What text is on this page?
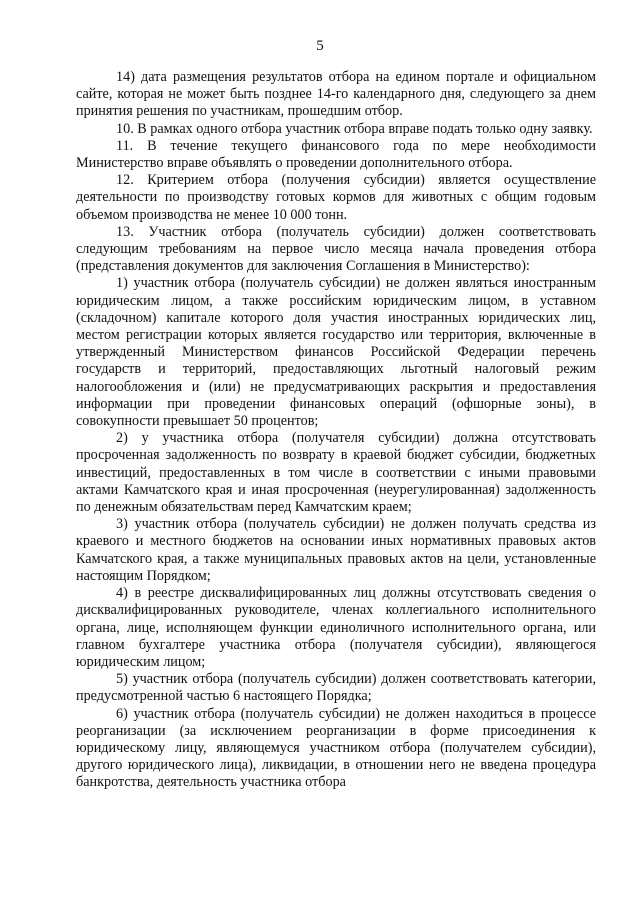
5

14) дата размещения результатов отбора на едином портале и официальном сайте, которая не может быть позднее 14-го календарного дня, следующего за днем принятия решения по участникам, прошедшим отбор.

10. В рамках одного отбора участник отбора вправе подать только одну заявку.

11. В течение текущего финансового года по мере необходимости Министерство вправе объявлять о проведении дополнительного отбора.

12. Критерием отбора (получения субсидии) является осуществление деятельности по производству готовых кормов для животных с общим годовым объемом производства не менее 10 000 тонн.

13. Участник отбора (получатель субсидии) должен соответствовать следующим требованиям на первое число месяца начала проведения отбора (представления документов для заключения Соглашения в Министерство):

1) участник отбора (получатель субсидии) не должен являться иностранным юридическим лицом, а также российским юридическим лицом, в уставном (складочном) капитале которого доля участия иностранных юридических лиц, местом регистрации которых является государство или территория, включенные в утвержденный Министерством финансов Российской Федерации перечень государств и территорий, предоставляющих льготный налоговый режим налогообложения и (или) не предусматривающих раскрытия и предоставления информации при проведении финансовых операций (офшорные зоны), в совокупности превышает 50 процентов;

2) у участника отбора (получателя субсидии) должна отсутствовать просроченная задолженность по возврату в краевой бюджет субсидии, бюджетных инвестиций, предоставленных в том числе в соответствии с иными правовыми актами Камчатского края и иная просроченная (неурегулированная) задолженность по денежным обязательствам перед Камчатским краем;

3) участник отбора (получатель субсидии) не должен получать средства из краевого и местного бюджетов на основании иных нормативных правовых актов Камчатского края, а также муниципальных правовых актов на цели, установленные настоящим Порядком;

4) в реестре дисквалифицированных лиц должны отсутствовать сведения о дисквалифицированных руководителе, членах коллегиального исполнительного органа, лице, исполняющем функции единоличного исполнительного органа, или главном бухгалтере участника отбора (получателя субсидии), являющегося юридическим лицом;

5) участник отбора (получатель субсидии) должен соответствовать категории, предусмотренной частью 6 настоящего Порядка;

6) участник отбора (получатель субсидии) не должен находиться в процессе реорганизации (за исключением реорганизации в форме присоединения к юридическому лицу, являющемуся участником отбора (получателем субсидии), другого юридического лица), ликвидации, в отношении него не введена процедура банкротства, деятельность участника отбора
